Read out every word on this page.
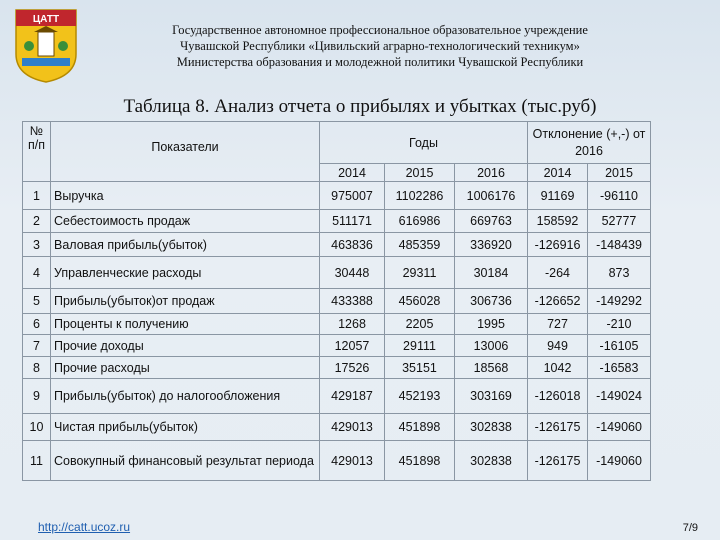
ЦАТТ
Государственное автономное профессиональное образовательное учреждение
Чувашской Республики «Цивильский аграрно-технологический техникум»
Министерства образования и молодежной политики Чувашской Республики
Таблица 8. Анализ отчета о прибылях и убытках (тыс.руб)
№ п/п	Показатели	Годы			Отклонение (+,-) от 2016	
		2014	2015	2016	2014	2015
1	Выручка	975007	1102286	1006176	91169	-96110
2	Себестоимость продаж	511171	616986	669763	158592	52777
3	Валовая прибыль(убыток)	463836	485359	336920	-126916	-148439
4	Управленческие расходы	30448	29311	30184	-264	873
5	Прибыль(убыток)от продаж	433388	456028	306736	-126652	-149292
6	Проценты к получению	1268	2205	1995	727	-210
7	Прочие доходы	12057	29111	13006	949	-16105
8	Прочие расходы	17526	35151	18568	1042	-16583
9	Прибыль(убыток) до налогообложения	429187	452193	303169	-126018	-149024
10	Чистая прибыль(убыток)	429013	451898	302838	-126175	-149060
11	Совокупный финансовый результат периода	429013	451898	302838	-126175	-149060
http://catt.ucoz.ru	7/9
